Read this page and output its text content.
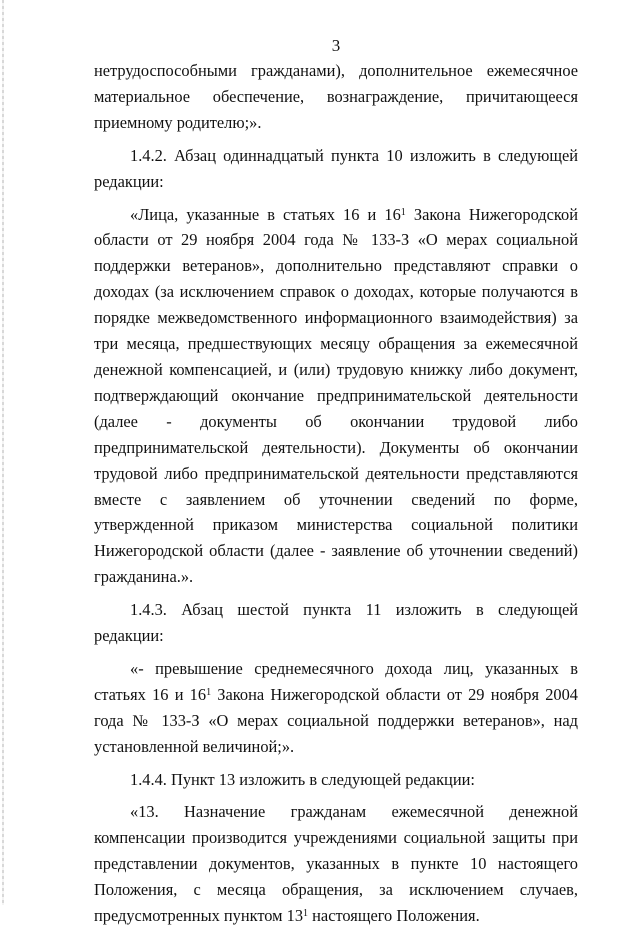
3

нетрудоспособными гражданами), дополнительное ежемесячное материальное обеспечение, вознаграждение, причитающееся приемному родителю;».

1.4.2. Абзац одиннадцатый пункта 10 изложить в следующей редакции:

«Лица, указанные в статьях 16 и $16^1$ Закона Нижегородской области от 29 ноября 2004 года № 133-З «О мерах социальной поддержки ветеранов», дополнительно представляют справки о доходах (за исключением справок о доходах, которые получаются в порядке межведомственного информационного взаимодействия) за три месяца, предшествующих месяцу обращения за ежемесячной денежной компенсацией, и (или) трудовую книжку либо документ, подтверждающий окончание предпринимательской деятельности (далее - документы об окончании трудовой либо предпринимательской деятельности). Документы об окончании трудовой либо предпринимательской деятельности представляются вместе с заявлением об уточнении сведений по форме, утвержденной приказом министерства социальной политики Нижегородской области (далее - заявление об уточнении сведений) гражданина.».

1.4.3. Абзац шестой пункта 11 изложить в следующей редакции:

«- превышение среднемесячного дохода лиц, указанных в статьях 16 и $16^1$ Закона Нижегородской области от 29 ноября 2004 года № 133-З «О мерах социальной поддержки ветеранов», над установленной величиной;».

1.4.4. Пункт 13 изложить в следующей редакции:

«13. Назначение гражданам ежемесячной денежной компенсации производится учреждениями социальной защиты при представлении документов, указанных в пункте 10 настоящего Положения, с месяца обращения, за исключением случаев, предусмотренных пунктом $13^1$ настоящего Положения.
